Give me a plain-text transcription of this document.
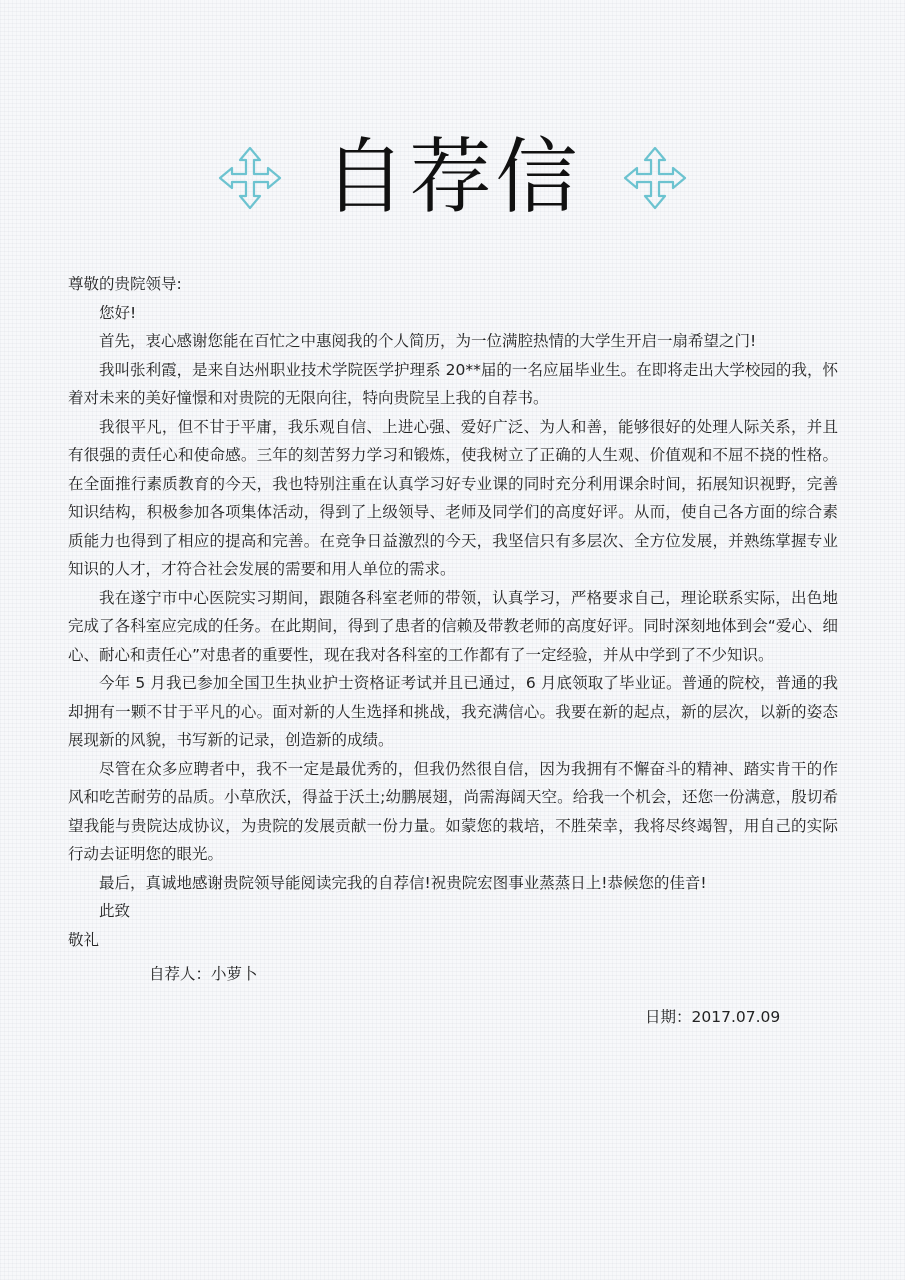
自荐信

尊敬的贵院领导:

您好!

首先，衷心感谢您能在百忙之中惠阅我的个人简历，为一位满腔热情的大学生开启一扇希望之门!

我叫张利霞，是来自达州职业技术学院医学护理系 20**届的一名应届毕业生。在即将走出大学校园的我，怀着对未来的美好憧憬和对贵院的无限向往，特向贵院呈上我的自荐书。

我很平凡，但不甘于平庸，我乐观自信、上进心强、爱好广泛、为人和善，能够很好的处理人际关系，并且有很强的责任心和使命感。三年的刻苦努力学习和锻炼，使我树立了正确的人生观、价值观和不屈不挠的性格。在全面推行素质教育的今天，我也特别注重在认真学习好专业课的同时充分利用课余时间，拓展知识视野，完善知识结构，积极参加各项集体活动，得到了上级领导、老师及同学们的高度好评。从而，使自己各方面的综合素质能力也得到了相应的提高和完善。在竞争日益激烈的今天，我坚信只有多层次、全方位发展，并熟练掌握专业知识的人才，才符合社会发展的需要和用人单位的需求。

我在遂宁市中心医院实习期间，跟随各科室老师的带领，认真学习，严格要求自己，理论联系实际，出色地完成了各科室应完成的任务。在此期间，得到了患者的信赖及带教老师的高度好评。同时深刻地体到会“爱心、细心、耐心和责任心”对患者的重要性，现在我对各科室的工作都有了一定经验，并从中学到了不少知识。

今年 5 月我已参加全国卫生执业护士资格证考试并且已通过，6 月底领取了毕业证。普通的院校，普通的我却拥有一颗不甘于平凡的心。面对新的人生选择和挑战，我充满信心。我要在新的起点，新的层次，以新的姿态展现新的风貌，书写新的记录，创造新的成绩。

尽管在众多应聘者中，我不一定是最优秀的，但我仍然很自信，因为我拥有不懈奋斗的精神、踏实肯干的作风和吃苦耐劳的品质。小草欣沃，得益于沃土;幼鹏展翅，尚需海阔天空。给我一个机会，还您一份满意，殷切希望我能与贵院达成协议，为贵院的发展贡献一份力量。如蒙您的栽培，不胜荣幸，我将尽终竭智，用自己的实际行动去证明您的眼光。

最后，真诚地感谢贵院领导能阅读完我的自荐信!祝贵院宏图事业蒸蒸日上!恭候您的佳音!

此致

敬礼

自荐人：小萝卜

日期：2017.07.09
